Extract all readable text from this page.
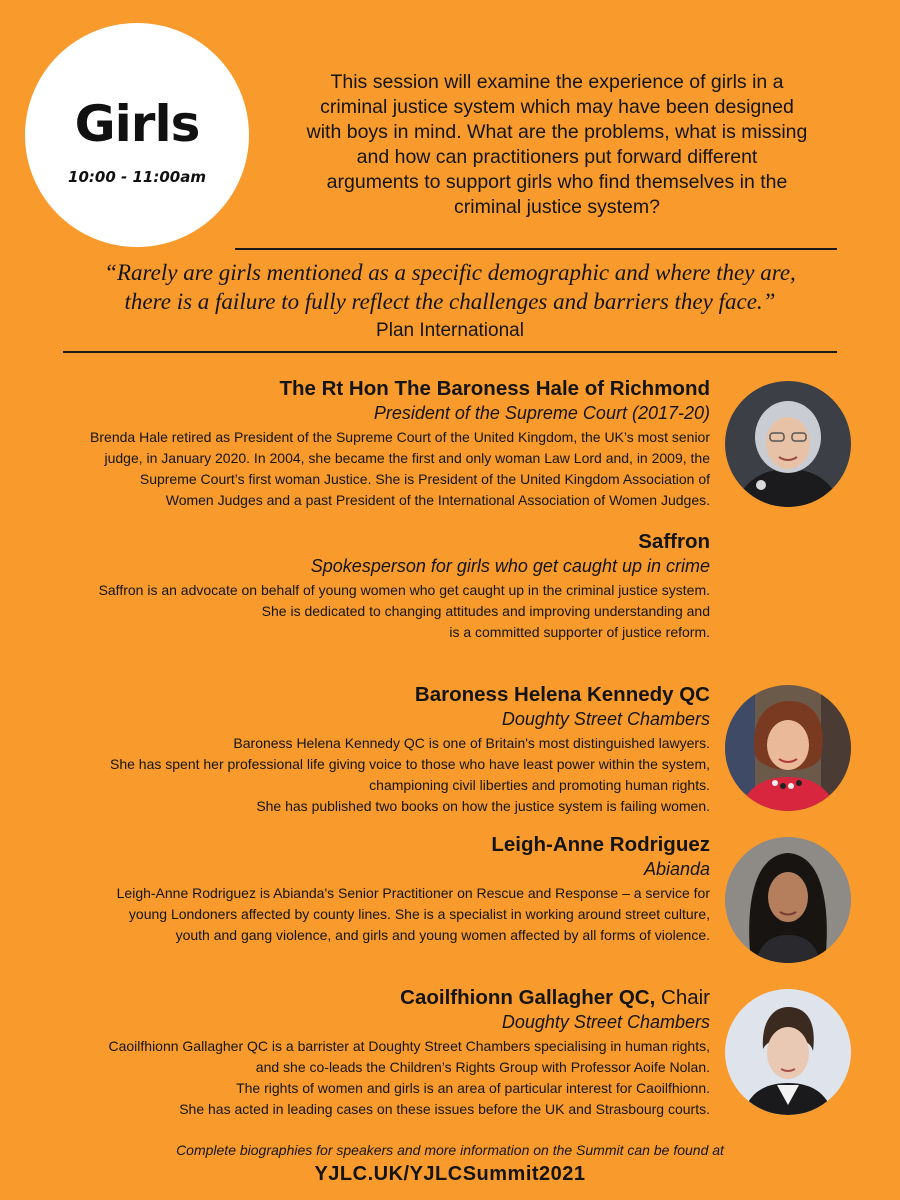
Girls
10:00 - 11:00am
This session will examine the experience of girls in a
criminal justice system which may have been designed
with boys in mind. What are the problems, what is missing
and how can practitioners put forward different
arguments to support girls who find themselves in the
criminal justice system?
“Rarely are girls mentioned as a specific demographic and where they are,
there is a failure to fully reflect the challenges and barriers they face.”
Plan International
The Rt Hon The Baroness Hale of Richmond
President of the Supreme Court (2017-20)
Brenda Hale retired as President of the Supreme Court of the United Kingdom, the UK’s most senior
judge, in January 2020. In 2004, she became the first and only woman Law Lord and, in 2009, the
Supreme Court’s first woman Justice. She is President of the United Kingdom Association of
Women Judges and a past President of the International Association of Women Judges.
Saffron
Spokesperson for girls who get caught up in crime
Saffron is an advocate on behalf of young women who get caught up in the criminal justice system.
She is dedicated to changing attitudes and improving understanding and
is a committed supporter of justice reform.
Baroness Helena Kennedy QC
Doughty Street Chambers
Baroness Helena Kennedy QC is one of Britain's most distinguished lawyers.
She has spent her professional life giving voice to those who have least power within the system,
championing civil liberties and promoting human rights.
She has published two books on how the justice system is failing women.
Leigh-Anne Rodriguez
Abianda
Leigh-Anne Rodriguez is Abianda's Senior Practitioner on Rescue and Response – a service for
young Londoners affected by county lines. She is a specialist in working around street culture,
youth and gang violence, and girls and young women affected by all forms of violence.
Caoilfhionn Gallagher QC, Chair
Doughty Street Chambers
Caoilfhionn Gallagher QC is a barrister at Doughty Street Chambers specialising in human rights,
and she co-leads the Children’s Rights Group with Professor Aoife Nolan.
The rights of women and girls is an area of particular interest for Caoilfhionn.
She has acted in leading cases on these issues before the UK and Strasbourg courts.
Complete biographies for speakers and more information on the Summit can be found at
YJLC.UK/YJLCSummit2021
